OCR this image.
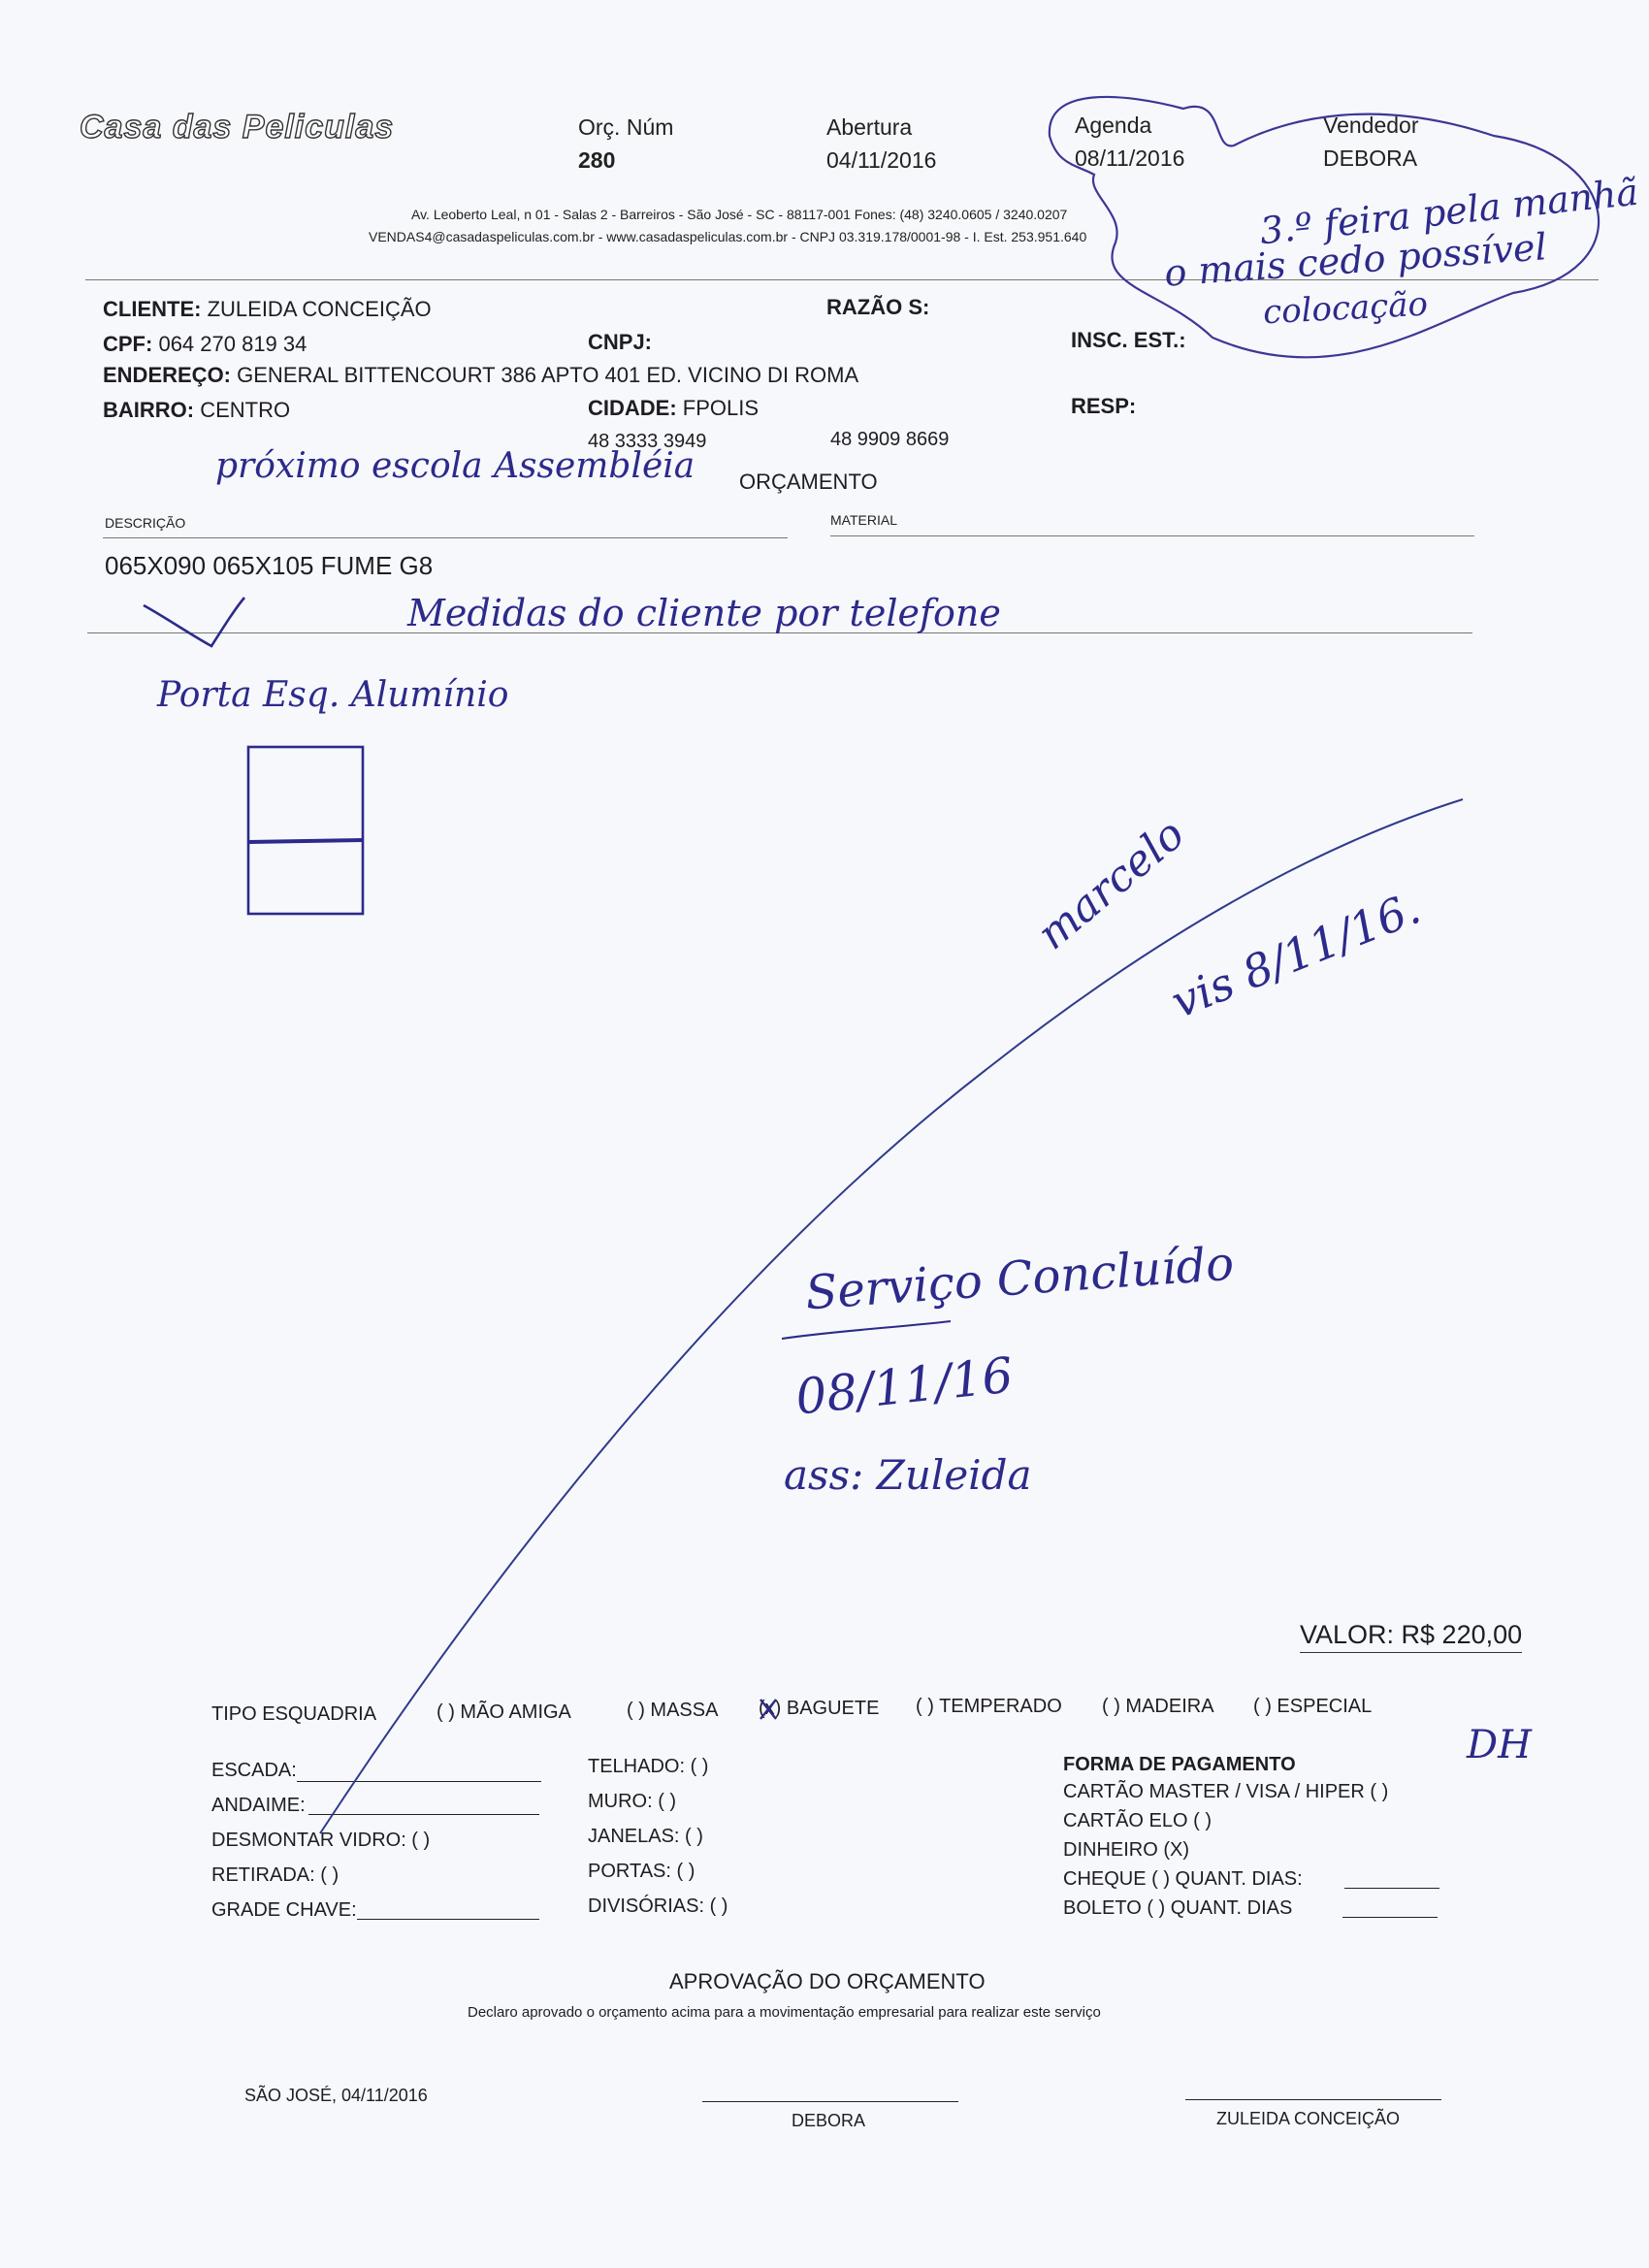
Casa das Peliculas	Orç. Núm
280
Abertura
04/11/2016
Agenda
08/11/2016
Vendedor
DEBORA
Av. Leoberto Leal, n 01 - Salas 2 - Barreiros - São José - SC - 88117-001 Fones: (48) 3240.0605 / 3240.0207
VENDAS4@casadaspeliculas.com.br - www.casadaspeliculas.com.br - CNPJ 03.319.178/0001-98 - I. Est. 253.951.640
CLIENTE: ZULEIDA CONCEIÇÃO	RAZÃO S:
CPF: 064 270 819 34	CNPJ:	INSC. EST.:
ENDEREÇO: GENERAL BITTENCOURT 386 APTO 401 ED. VICINO DI ROMA
BAIRRO: CENTRO	CIDADE: FPOLIS	RESP:
48 3333 3949	48 9909 8669
ORÇAMENTO
DESCRIÇÃO	MATERIAL
065X090 065X105 FUME G8
VALOR: R$ 220,00
TIPO ESQUADRIA	( ) MÃO AMIGA	( ) MASSA (x) BAGUETE ( ) TEMPERADO ( ) MADEIRA ( ) ESPECIAL
ESCADA:
ANDAIME:
DESMONTAR VIDRO: ( )
RETIRADA: ( )
GRADE CHAVE:
TELHADO: ( )
MURO: ( )
JANELAS: ( )
PORTAS: ( )
DIVISÓRIAS: ( )
FORMA DE PAGAMENTO
CARTÃO MASTER / VISA / HIPER ( )
CARTÃO ELO ( )
DINHEIRO (X)
CHEQUE ( ) QUANT. DIAS:
BOLETO ( ) QUANT. DIAS
APROVAÇÃO DO ORÇAMENTO
Declaro aprovado o orçamento acima para a movimentação empresarial para realizar este serviço
SÃO JOSÉ, 04/11/2016
DEBORA	ZULEIDA CONCEIÇÃO
3.º feira pela manhã
o mais cedo possível
colocação
próximo escola Assembléia
Medidas do cliente por telefone
Porta Esq. Alumínio
marcelo
vis 8/11/16.
Serviço Concluído
08/11/16
ass: Zuleida
DH
